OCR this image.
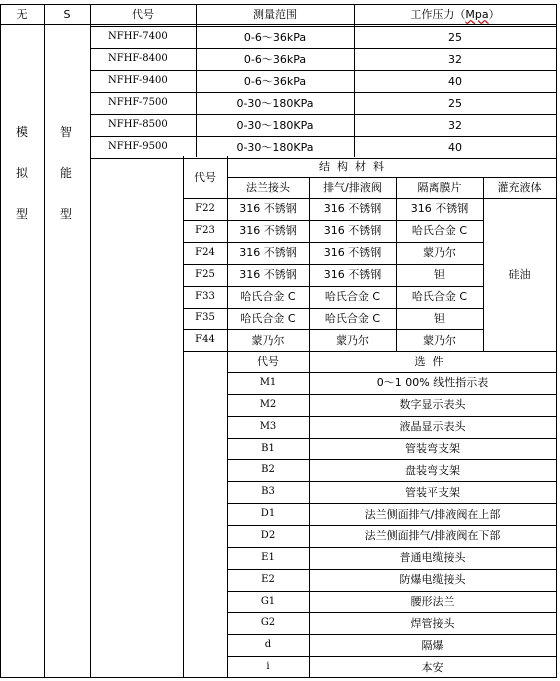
无	S	代号	测量范围	工作压力（ Mpa ）
模
拟
型
智
能
型
NFHF-7400	0-6～36kPa	25
NFHF-8400	0-6～36kPa	32
NFHF-9400	0-6～36kPa	40
NFHF-7500	0-30～180KPa	25
NFHF-8500	0-30～180KPa	32
NFHF-9500	0-30～180KPa	40
代号
结构材料
法兰接头	排气/排液阀	隔离膜片	灌充液体
硅油
F22	316 不锈钢	316 不锈钢	316 不锈钢
F23	316 不锈钢	316 不锈钢	哈氏合金 C
F24	316 不锈钢	316 不锈钢	蒙乃尔
F25	316 不锈钢	316 不锈钢	钽
F33	哈氏合金 C	哈氏合金 C	哈氏合金 C
F35	哈氏合金 C	哈氏合金 C	钽
F44	蒙乃尔	蒙乃尔	蒙乃尔
代号	选件
M1	0～1 00% 线性指示表
M2	数字显示表头
M3	液晶显示表头
B1	管装弯支架
B2	盘装弯支架
B3	管装平支架
D1	法兰侧面排气/排液阀在上部
D2	法兰侧面排气/排液阀在下部
E1	普通电缆接头
E2	防爆电缆接头
G1	腰形法兰
G2	焊管接头
d	隔爆
i	本安
